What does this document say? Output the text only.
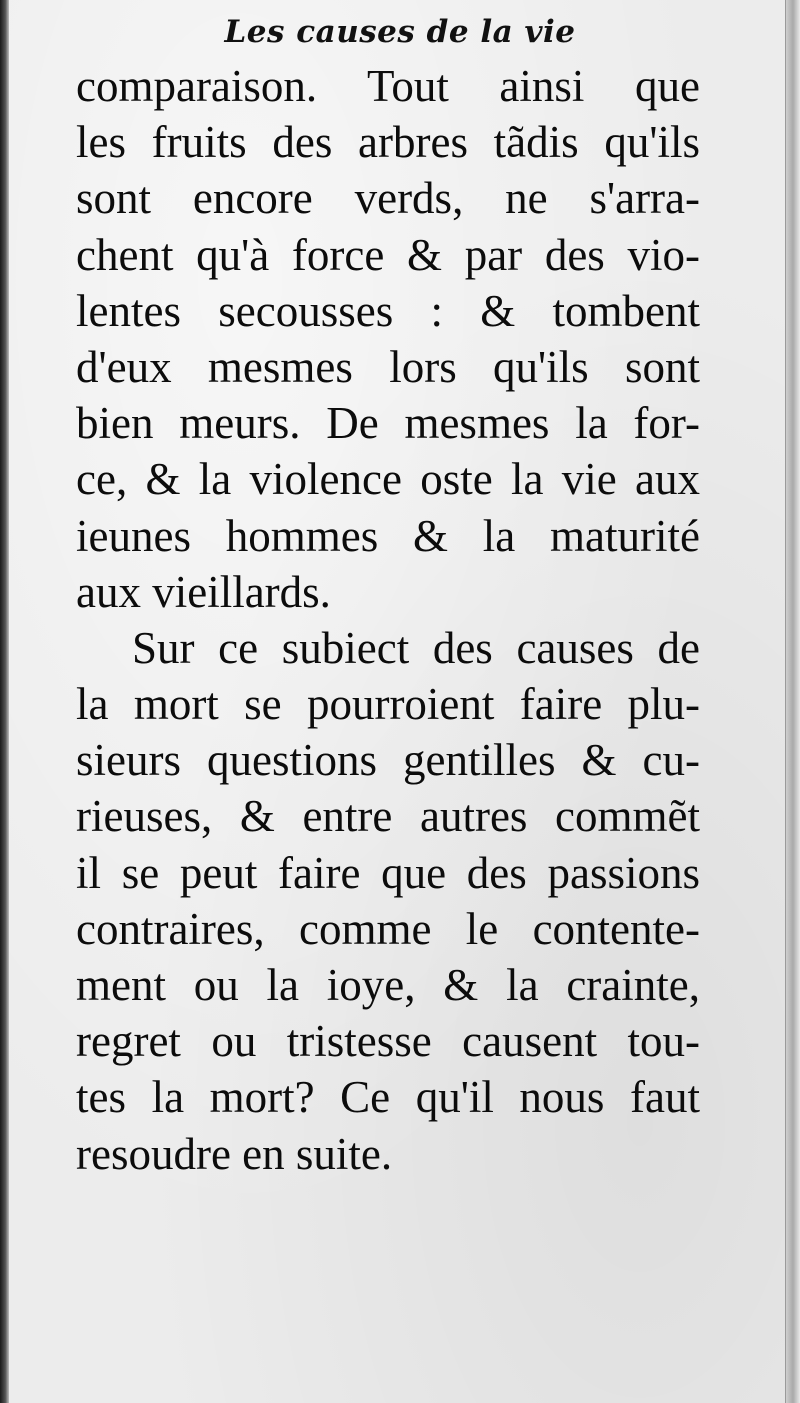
Les causes de la vie
comparaison. Tout ainsi que
les fruits des arbres tãdis qu'ils
sont encore verds, ne s'arra-
chent qu'à force & par des vio-
lentes secousses : & tombent
d'eux mesmes lors qu'ils sont
bien meurs. De mesmes la for-
ce, & la violence oste la vie aux
ieunes hommes & la maturité
aux vieillards.
Sur ce subiect des causes de
la mort se pourroient faire plu-
sieurs questions gentilles & cu-
rieuses, & entre autres commẽt
il se peut faire que des passions
contraires, comme le contente-
ment ou la ioye, & la crainte,
regret ou tristesse causent tou-
tes la mort? Ce qu'il nous faut
resoudre en suite.
